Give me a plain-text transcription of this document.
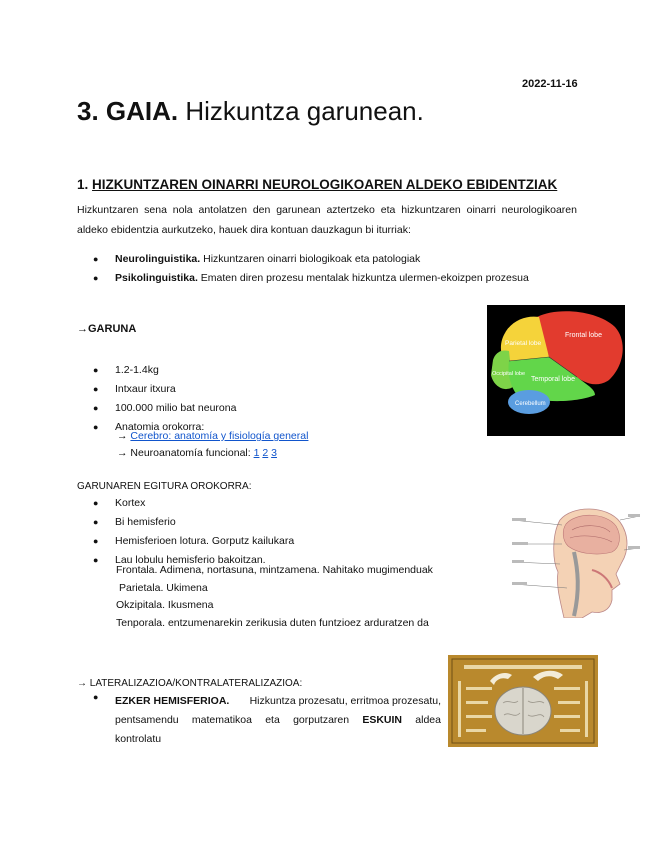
2022-11-16
3. GAIA. Hizkuntza garunean.
1. HIZKUNTZAREN OINARRI NEUROLOGIKOAREN ALDEKO EBIDENTZIAK
Hizkuntzaren sena nola antolatzen den garunean aztertzeko eta hizkuntzaren oinarri neurologikoaren aldeko ebidentzia aurkutzeko, hauek dira kontuan dauzkagun bi iturriak:
● Neurolinguistika. Hizkuntzaren oinarri biologikoak eta patologiak
● Psikolinguistika. Ematen diren prozesu mentalak hizkuntza ulermen-ekoizpen prozesua
→GARUNA
● 1.2-1.4kg
● Intxaur itxura
● 100.000 milio bat neurona
● Anatomia orokorra:
→ Cerebro: anatomía y fisiología general
→ Neuroanatomía funcional: 1 2 3
Frontal lobe
Parietal lobe
Occipital lobe
Temporal lobe
Cerebellum
GARUNAREN EGITURA OROKORRA:
● Kortex
● Bi hemisferio
● Hemisferioen lotura. Gorputz kailukara
● Lau lobulu hemisferio bakoitzan.
Frontala. Adimena, nortasuna, mintzamena. Nahitako mugimenduak
Parietala. Ukimena
Okzipitala. Ikusmena
Tenporala. entzumenarekin zerikusia duten funtzioez arduratzen da
→ LATERALIZAZIOA/KONTRALATERALIZAZIOA:
● EZKER HEMISFERIOA. Hizkuntza prozesatu, erritmoa prozesatu,
pentsamendu matematikoa eta gorputzaren ESKUIN aldea
kontrolatu
